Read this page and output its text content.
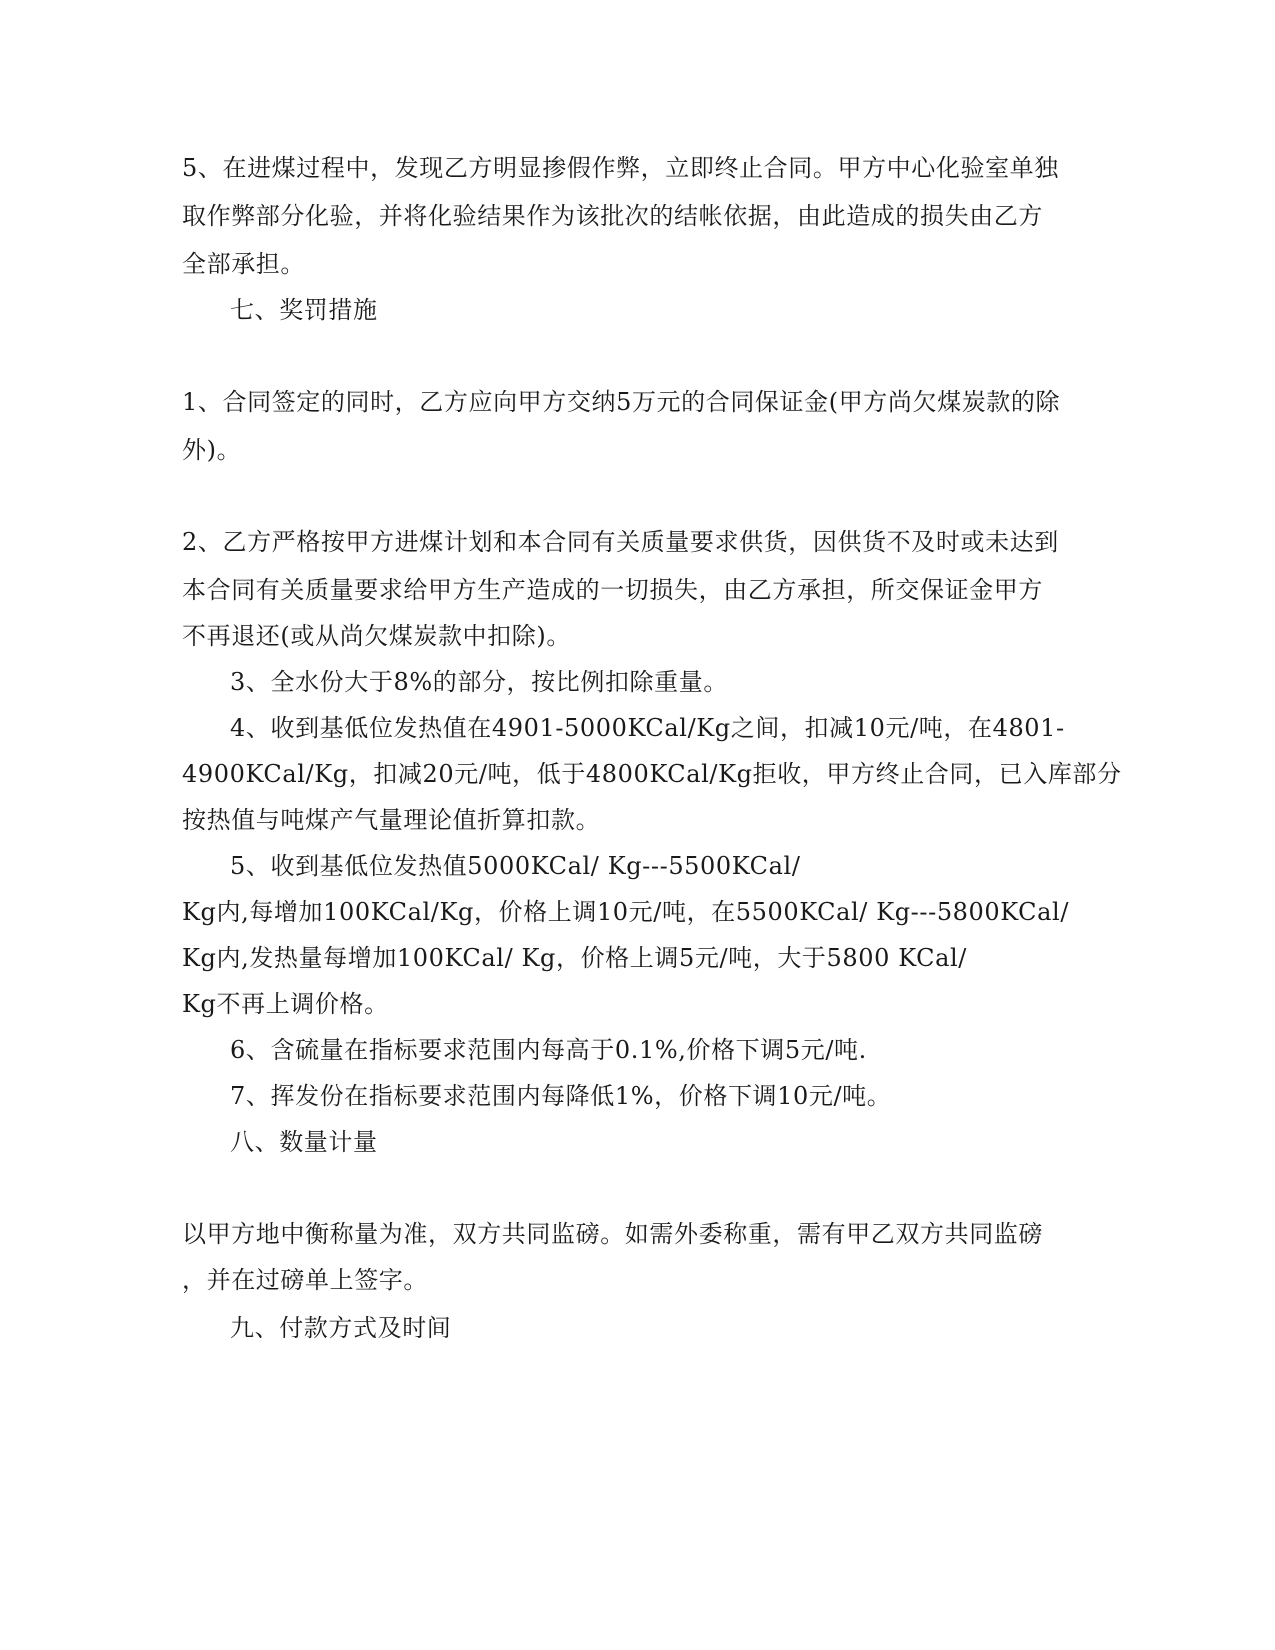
5、在进煤过程中，发现乙方明显掺假作弊，立即终止合同。甲方中心化验室单独
取作弊部分化验，并将化验结果作为该批次的结帐依据，由此造成的损失由乙方
全部承担。
七、奖罚措施
1、合同签定的同时，乙方应向甲方交纳5万元的合同保证金(甲方尚欠煤炭款的除
外)。
2、乙方严格按甲方进煤计划和本合同有关质量要求供货，因供货不及时或未达到
本合同有关质量要求给甲方生产造成的一切损失，由乙方承担，所交保证金甲方
不再退还(或从尚欠煤炭款中扣除)。
3、全水份大于8%的部分，按比例扣除重量。
4、收到基低位发热值在4901-5000KCal/Kg之间，扣减10元/吨，在4801-
4900KCal/Kg，扣减20元/吨，低于4800KCal/Kg拒收，甲方终止合同，已入库部分
按热值与吨煤产气量理论值折算扣款。
5、收到基低位发热值5000KCal/ Kg---5500KCal/
Kg内,每增加100KCal/Kg，价格上调10元/吨，在5500KCal/ Kg---5800KCal/
Kg内,发热量每增加100KCal/ Kg，价格上调5元/吨，大于5800 KCal/
Kg不再上调价格。
6、含硫量在指标要求范围内每高于0.1%,价格下调5元/吨.
7、挥发份在指标要求范围内每降低1%，价格下调10元/吨。
八、数量计量
以甲方地中衡称量为准，双方共同监磅。如需外委称重，需有甲乙双方共同监磅
，并在过磅单上签字。
九、付款方式及时间
